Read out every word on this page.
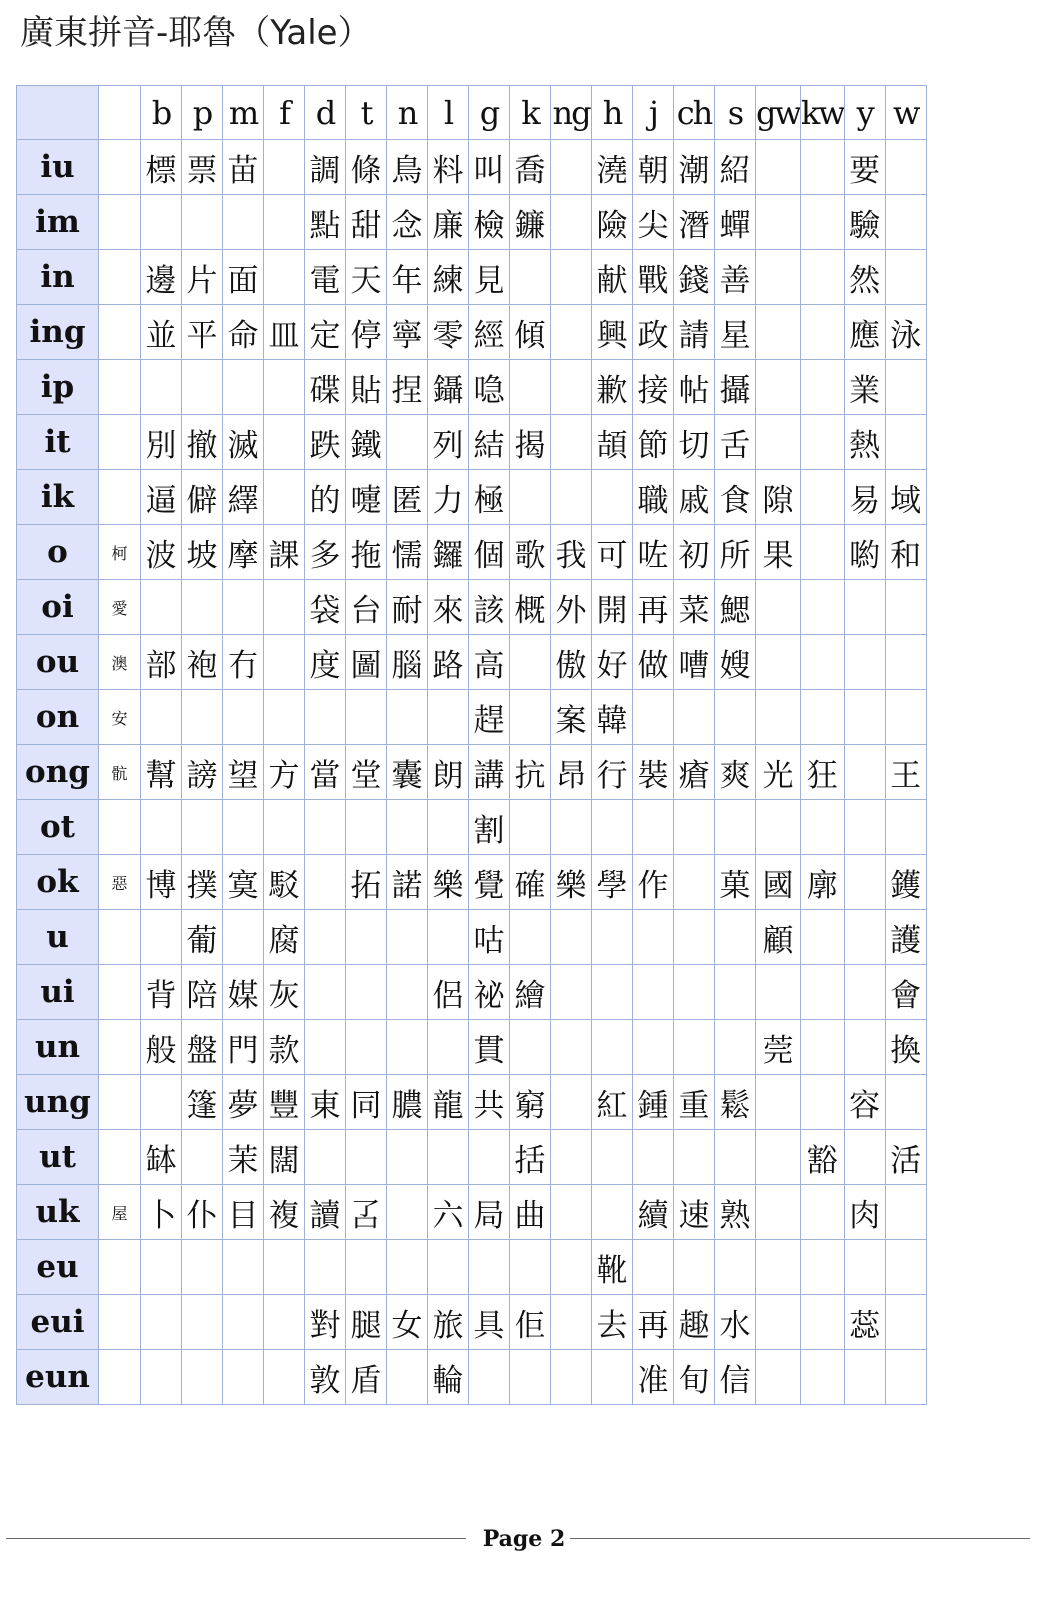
廣東拼音-耶魯（Yale）
		b	p	m	f	d	t	n	l	g	k	ng	h	j	ch	s	gw	kw	y	w
iu		標	票	苗		調	條	鳥	料	叫	喬		澆	朝	潮	紹			要	
im						點	甜	念	廉	檢	鐮		險	尖	潛	蟬			驗	
in		邊	片	面		電	天	年	練	見			献	戰	錢	善			然	
ing		並	平	命	皿	定	停	寧	零	經	傾		興	政	請	星			應	泳
ip						碟	貼	捏	鑷	喼			歉	接	帖	攝			業	
it		別	撤	滅		跌	鐵		列	結	揭		頡	節	切	舌			熱	
ik		逼	僻	繹		的	嚏	匿	力	極				職	戚	食	隙		易	域
o	柯	波	坡	摩	課	多	拖	懦	鑼	個	歌	我	可	咗	初	所	果		喲	和
oi	愛					袋	台	耐	來	該	概	外	開	再	菜	鰓				
ou	澳	部	袍	冇		度	圖	腦	路	高		傲	好	做	嘈	嫂				
on	安									趕		案	韓							
ong	骯	幫	謗	望	方	當	堂	囊	朗	講	抗	昂	行	裝	瘡	爽	光	狂		王
ot										割										
ok	惡	博	撲	寞	駁		拓	諾	樂	覺	確	樂	學	作		菓	國	廓		鑊
u			葡		腐					咕							顧			護
ui		背	陪	媒	灰				侶	祕	繪									會
un		般	盤	門	款					貫							莞			換
ung			篷	夢	豐	東	同	膿	龍	共	窮		紅	鍾	重	鬆			容	
ut		缽		茉	闊						括							豁		活
uk	屋	卜	仆	目	複	讀	叾		六	局	曲			續	速	熟			肉	
eu													靴							
eui						對	腿	女	旅	具	佢		去	再	趣	水			蕊	
eun						敦	盾		輪					准	旬	信				
Page 2
